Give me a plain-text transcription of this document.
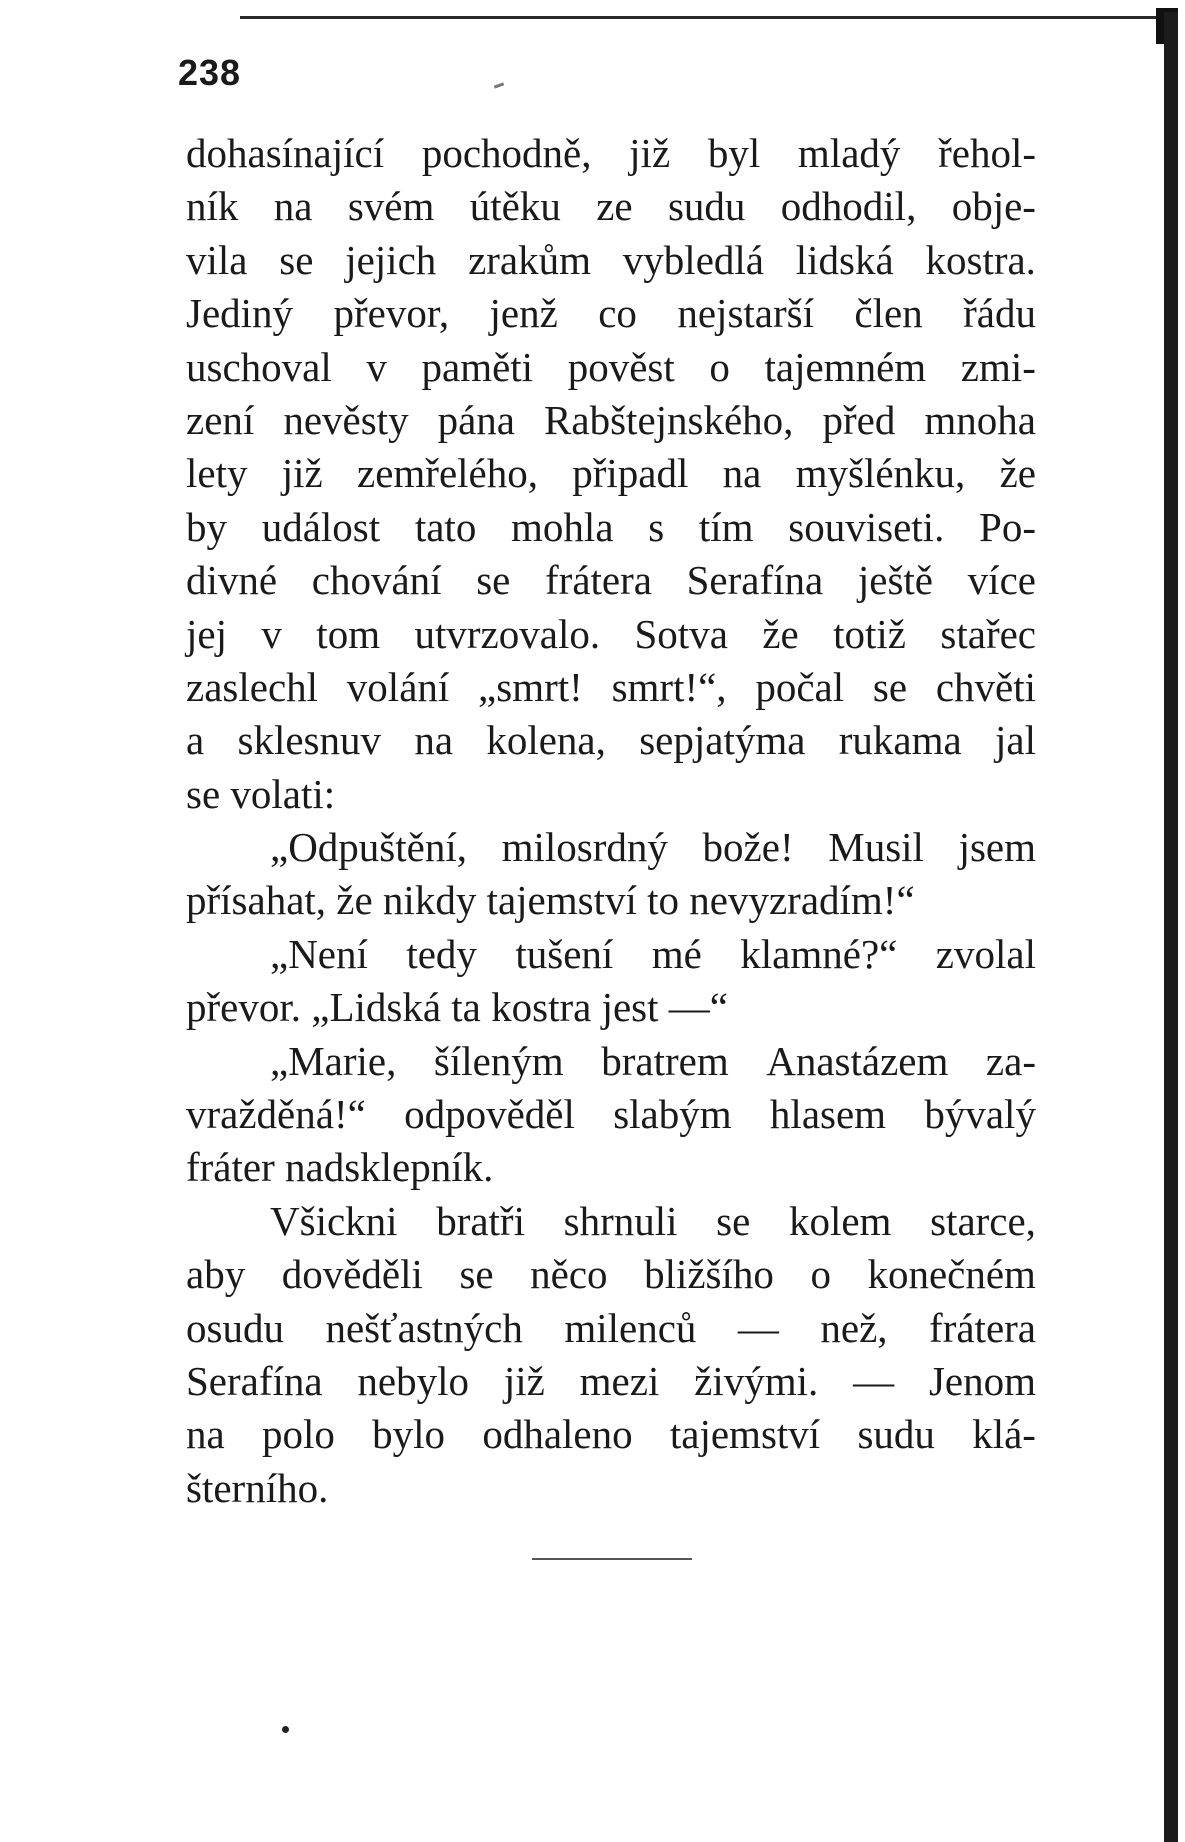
238
dohasínající pochodně, již byl mladý řehol-
ník na svém útěku ze sudu odhodil, obje-
vila se jejich zrakům vybledlá lidská kostra.
Jediný převor, jenž co nejstarší člen řádu
uschoval v paměti pověst o tajemném zmi-
zení nevěsty pána Rabštejnského, před mnoha
lety již zemřelého, připadl na myšlénku, že
by událost tato mohla s tím souviseti. Po-
divné chování se frátera Serafína ještě více
jej v tom utvrzovalo. Sotva že totiž stařec
zaslechl volání „smrt! smrt!“, počal se chvěti
a sklesnuv na kolena, sepjatýma rukama jal
se volati:
„Odpuštění, milosrdný bože! Musil jsem
přísahat, že nikdy tajemství to nevyzradím!“
„Není tedy tušení mé klamné?“ zvolal
převor. „Lidská ta kostra jest —“
„Marie, šíleným bratrem Anastázem za-
vražděná!“ odpověděl slabým hlasem bývalý
fráter nadsklepník.
Všickni bratři shrnuli se kolem starce,
aby dověděli se něco bližšího o konečném
osudu nešťastných milenců — než, frátera
Serafína nebylo již mezi živými. — Jenom
na polo bylo odhaleno tajemství sudu klá-
šterního.
